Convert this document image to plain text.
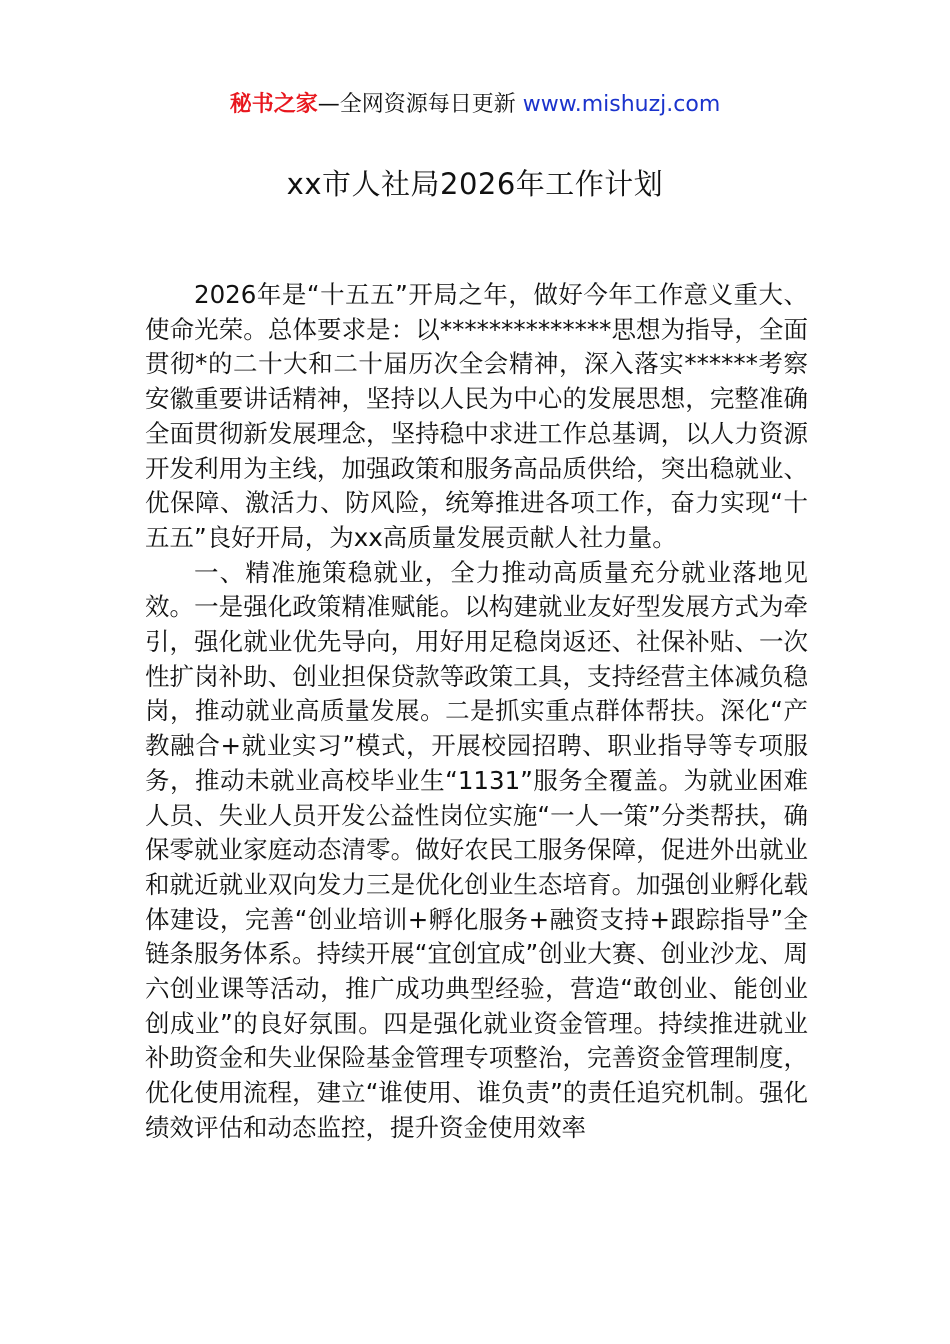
秘书之家—全网资源每日更新 www.mishuzj.com
xx市人社局2026年工作计划

2026年是“十五五”开局之年，做好今年工作意义重大、使命光荣。总体要求是：以**************思想为指导，全面贯彻*的二十大和二十届历次全会精神，深入落实******考察安徽重要讲话精神，坚持以人民为中心的发展思想，完整准确全面贯彻新发展理念，坚持稳中求进工作总基调，以人力资源开发利用为主线，加强政策和服务高品质供给，突出稳就业、优保障、激活力、防风险，统筹推进各项工作，奋力实现“十五五”良好开局，为xx高质量发展贡献人社力量。

一、精准施策稳就业，全力推动高质量充分就业落地见效。一是强化政策精准赋能。以构建就业友好型发展方式为牵引，强化就业优先导向，用好用足稳岗返还、社保补贴、一次性扩岗补助、创业担保贷款等政策工具，支持经营主体减负稳岗，推动就业高质量发展。二是抓实重点群体帮扶。深化“产教融合+就业实习”模式，开展校园招聘、职业指导等专项服务，推动未就业高校毕业生“1131”服务全覆盖。为就业困难人员、失业人员开发公益性岗位实施“一人一策”分类帮扶，确保零就业家庭动态清零。做好农民工服务保障，促进外出就业和就近就业双向发力三是优化创业生态培育。加强创业孵化载体建设，完善“创业培训+孵化服务+融资支持+跟踪指导”全链条服务体系。持续开展“宜创宜成”创业大赛、创业沙龙、周六创业课等活动，推广成功典型经验，营造“敢创业、能创业创成业”的良好氛围。四是强化就业资金管理。持续推进就业补助资金和失业保险基金管理专项整治，完善资金管理制度，优化使用流程，建立“谁使用、谁负责”的责任追究机制。强化绩效评估和动态监控，提升资金使用效率
